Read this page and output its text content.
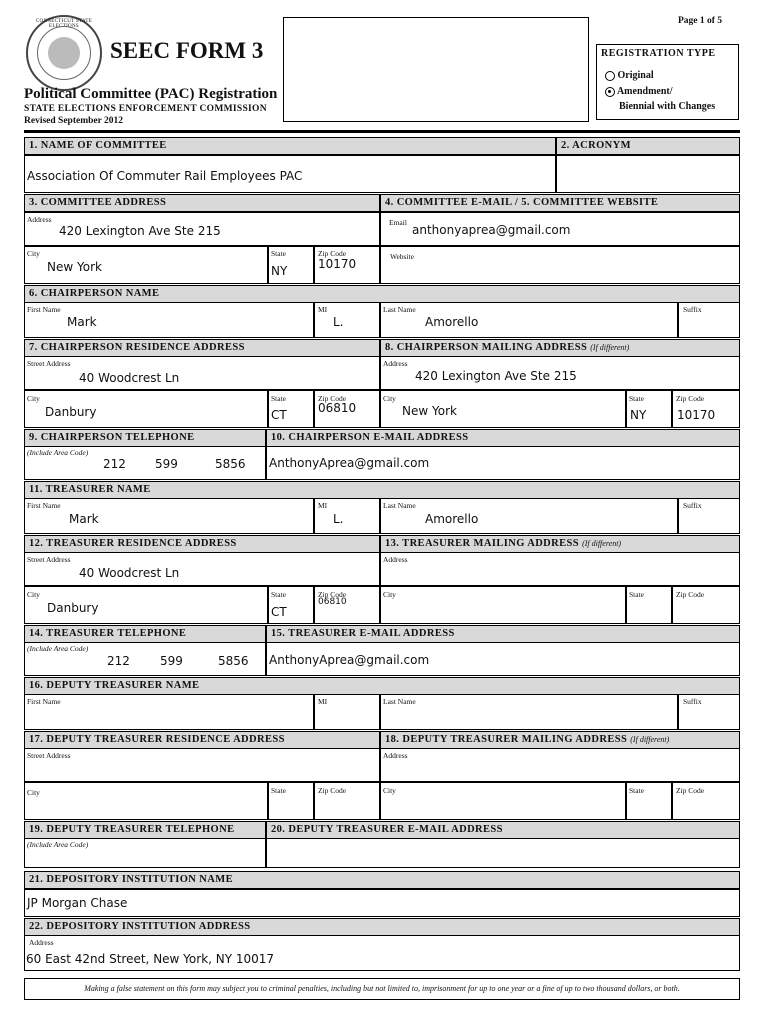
Page 1 of 5
CONNECTICUT STATE ELECTIONS
SEEC FORM 3
Political Committee (PAC) Registration
STATE ELECTIONS ENFORCEMENT COMMISSION
Revised September 2012
REGISTRATION TYPE
Original
Amendment/
Biennial with Changes
1. NAME OF COMMITTEE	2. ACRONYM
Association Of Commuter Rail Employees PAC
3. COMMITTEE ADDRESS	4. COMMITTEE E-MAIL / 5. COMMITTEE WEBSITE
Address
420 Lexington Ave Ste 215
Email
anthonyaprea@gmail.com
City
New York
State
NY
Zip Code
10170
Website
6. CHAIRPERSON NAME
First Name
Mark
MI
L.
Last Name
Amorello
Suffix
7. CHAIRPERSON RESIDENCE ADDRESS	8. CHAIRPERSON MAILING ADDRESS (If different)
Street Address
40 Woodcrest Ln
Address
420 Lexington Ave Ste 215
City
Danbury
State
CT
Zip Code
06810
City
New York
State
NY
Zip Code
10170
9. CHAIRPERSON TELEPHONE	10. CHAIRPERSON E-MAIL ADDRESS
(Include Area Code)
212 599	5856 AnthonyAprea@gmail.com
11. TREASURER NAME
First Name
Mark
MI
L.
Last Name
Amorello
Suffix
12. TREASURER RESIDENCE ADDRESS	13. TREASURER MAILING ADDRESS (If different)
Street Address
40 Woodcrest Ln
Address
City
Danbury
State
CT
Zip Code
06810
City	State	Zip Code
14. TREASURER TELEPHONE	15. TREASURER E-MAIL ADDRESS
(Include Area Code)
212	599	5856 AnthonyAprea@gmail.com
16. DEPUTY TREASURER NAME
First Name	MI	Last Name	Suffix
17. DEPUTY TREASURER RESIDENCE ADDRESS	18. DEPUTY TREASURER MAILING ADDRESS (If different)
Street Address	Address
City	State	Zip Code	City	State	Zip Code
19. DEPUTY TREASURER TELEPHONE	20. DEPUTY TREASURER E-MAIL ADDRESS
(Include Area Code)
21. DEPOSITORY INSTITUTION NAME
JP Morgan Chase
22. DEPOSITORY INSTITUTION ADDRESS
Address
60 East 42nd Street, New York, NY 10017
Making a false statement on this form may subject you to criminal penalties, including but not limited to, imprisonment for up to one year or a fine of up to two thousand dollars, or both.
